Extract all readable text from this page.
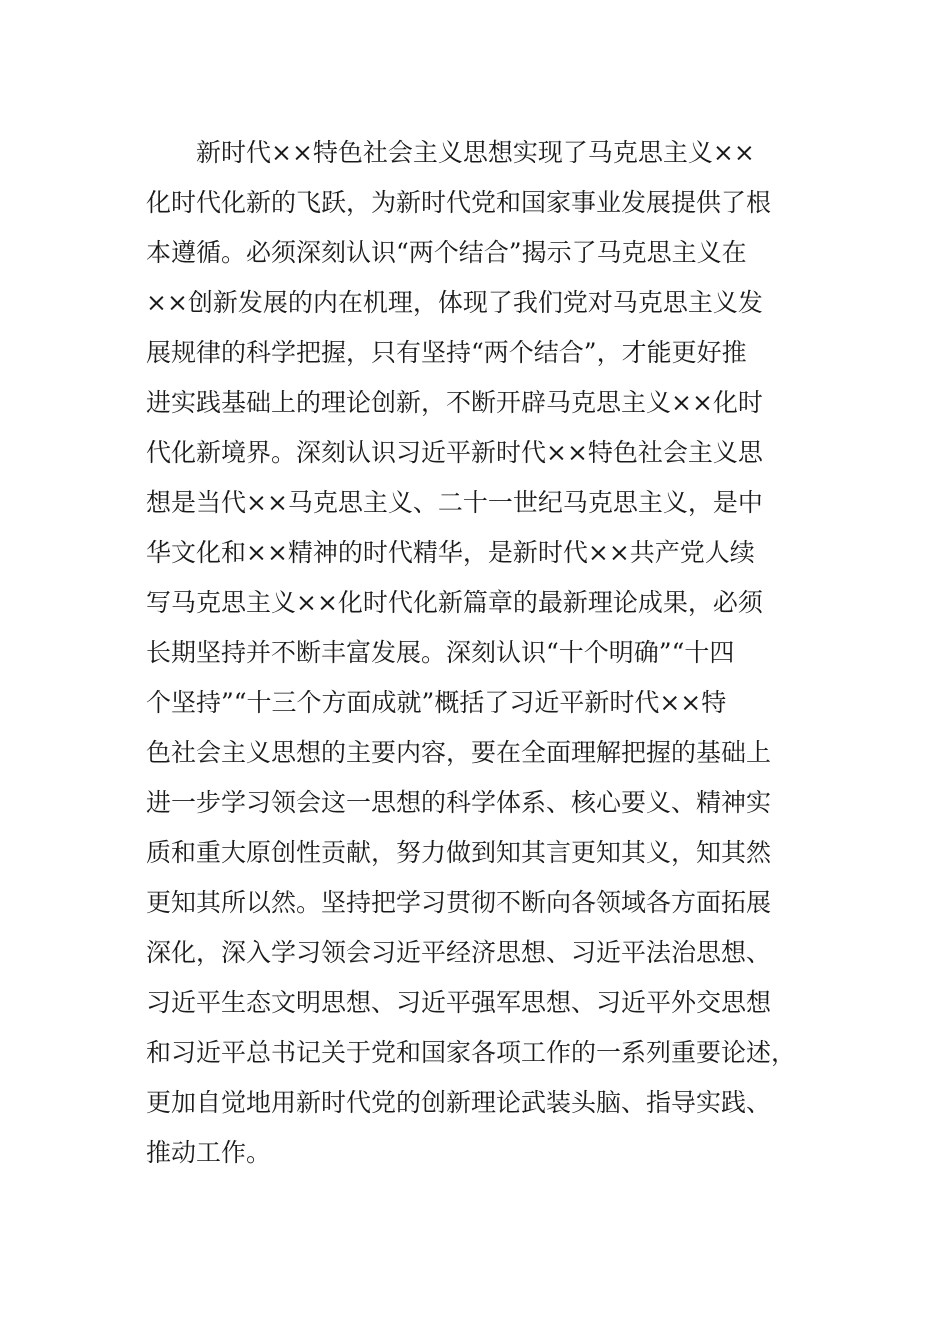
新时代××特色社会主义思想实现了马克思主义××
化时代化新的飞跃，为新时代党和国家事业发展提供了根
本遵循。必须深刻认识“两个结合”揭示了马克思主义在
××创新发展的内在机理，体现了我们党对马克思主义发
展规律的科学把握，只有坚持“两个结合”，才能更好推
进实践基础上的理论创新，不断开辟马克思主义××化时
代化新境界。深刻认识习近平新时代××特色社会主义思
想是当代××马克思主义、二十一世纪马克思主义，是中
华文化和××精神的时代精华，是新时代××共产党人续
写马克思主义××化时代化新篇章的最新理论成果，必须
长期坚持并不断丰富发展。深刻认识“十个明确”“十四
个坚持”“十三个方面成就”概括了习近平新时代××特
色社会主义思想的主要内容，要在全面理解把握的基础上
进一步学习领会这一思想的科学体系、核心要义、精神实
质和重大原创性贡献，努力做到知其言更知其义，知其然
更知其所以然。坚持把学习贯彻不断向各领域各方面拓展
深化，深入学习领会习近平经济思想、习近平法治思想、
习近平生态文明思想、习近平强军思想、习近平外交思想
和习近平总书记关于党和国家各项工作的一系列重要论述，
更加自觉地用新时代党的创新理论武装头脑、指导实践、
推动工作。
